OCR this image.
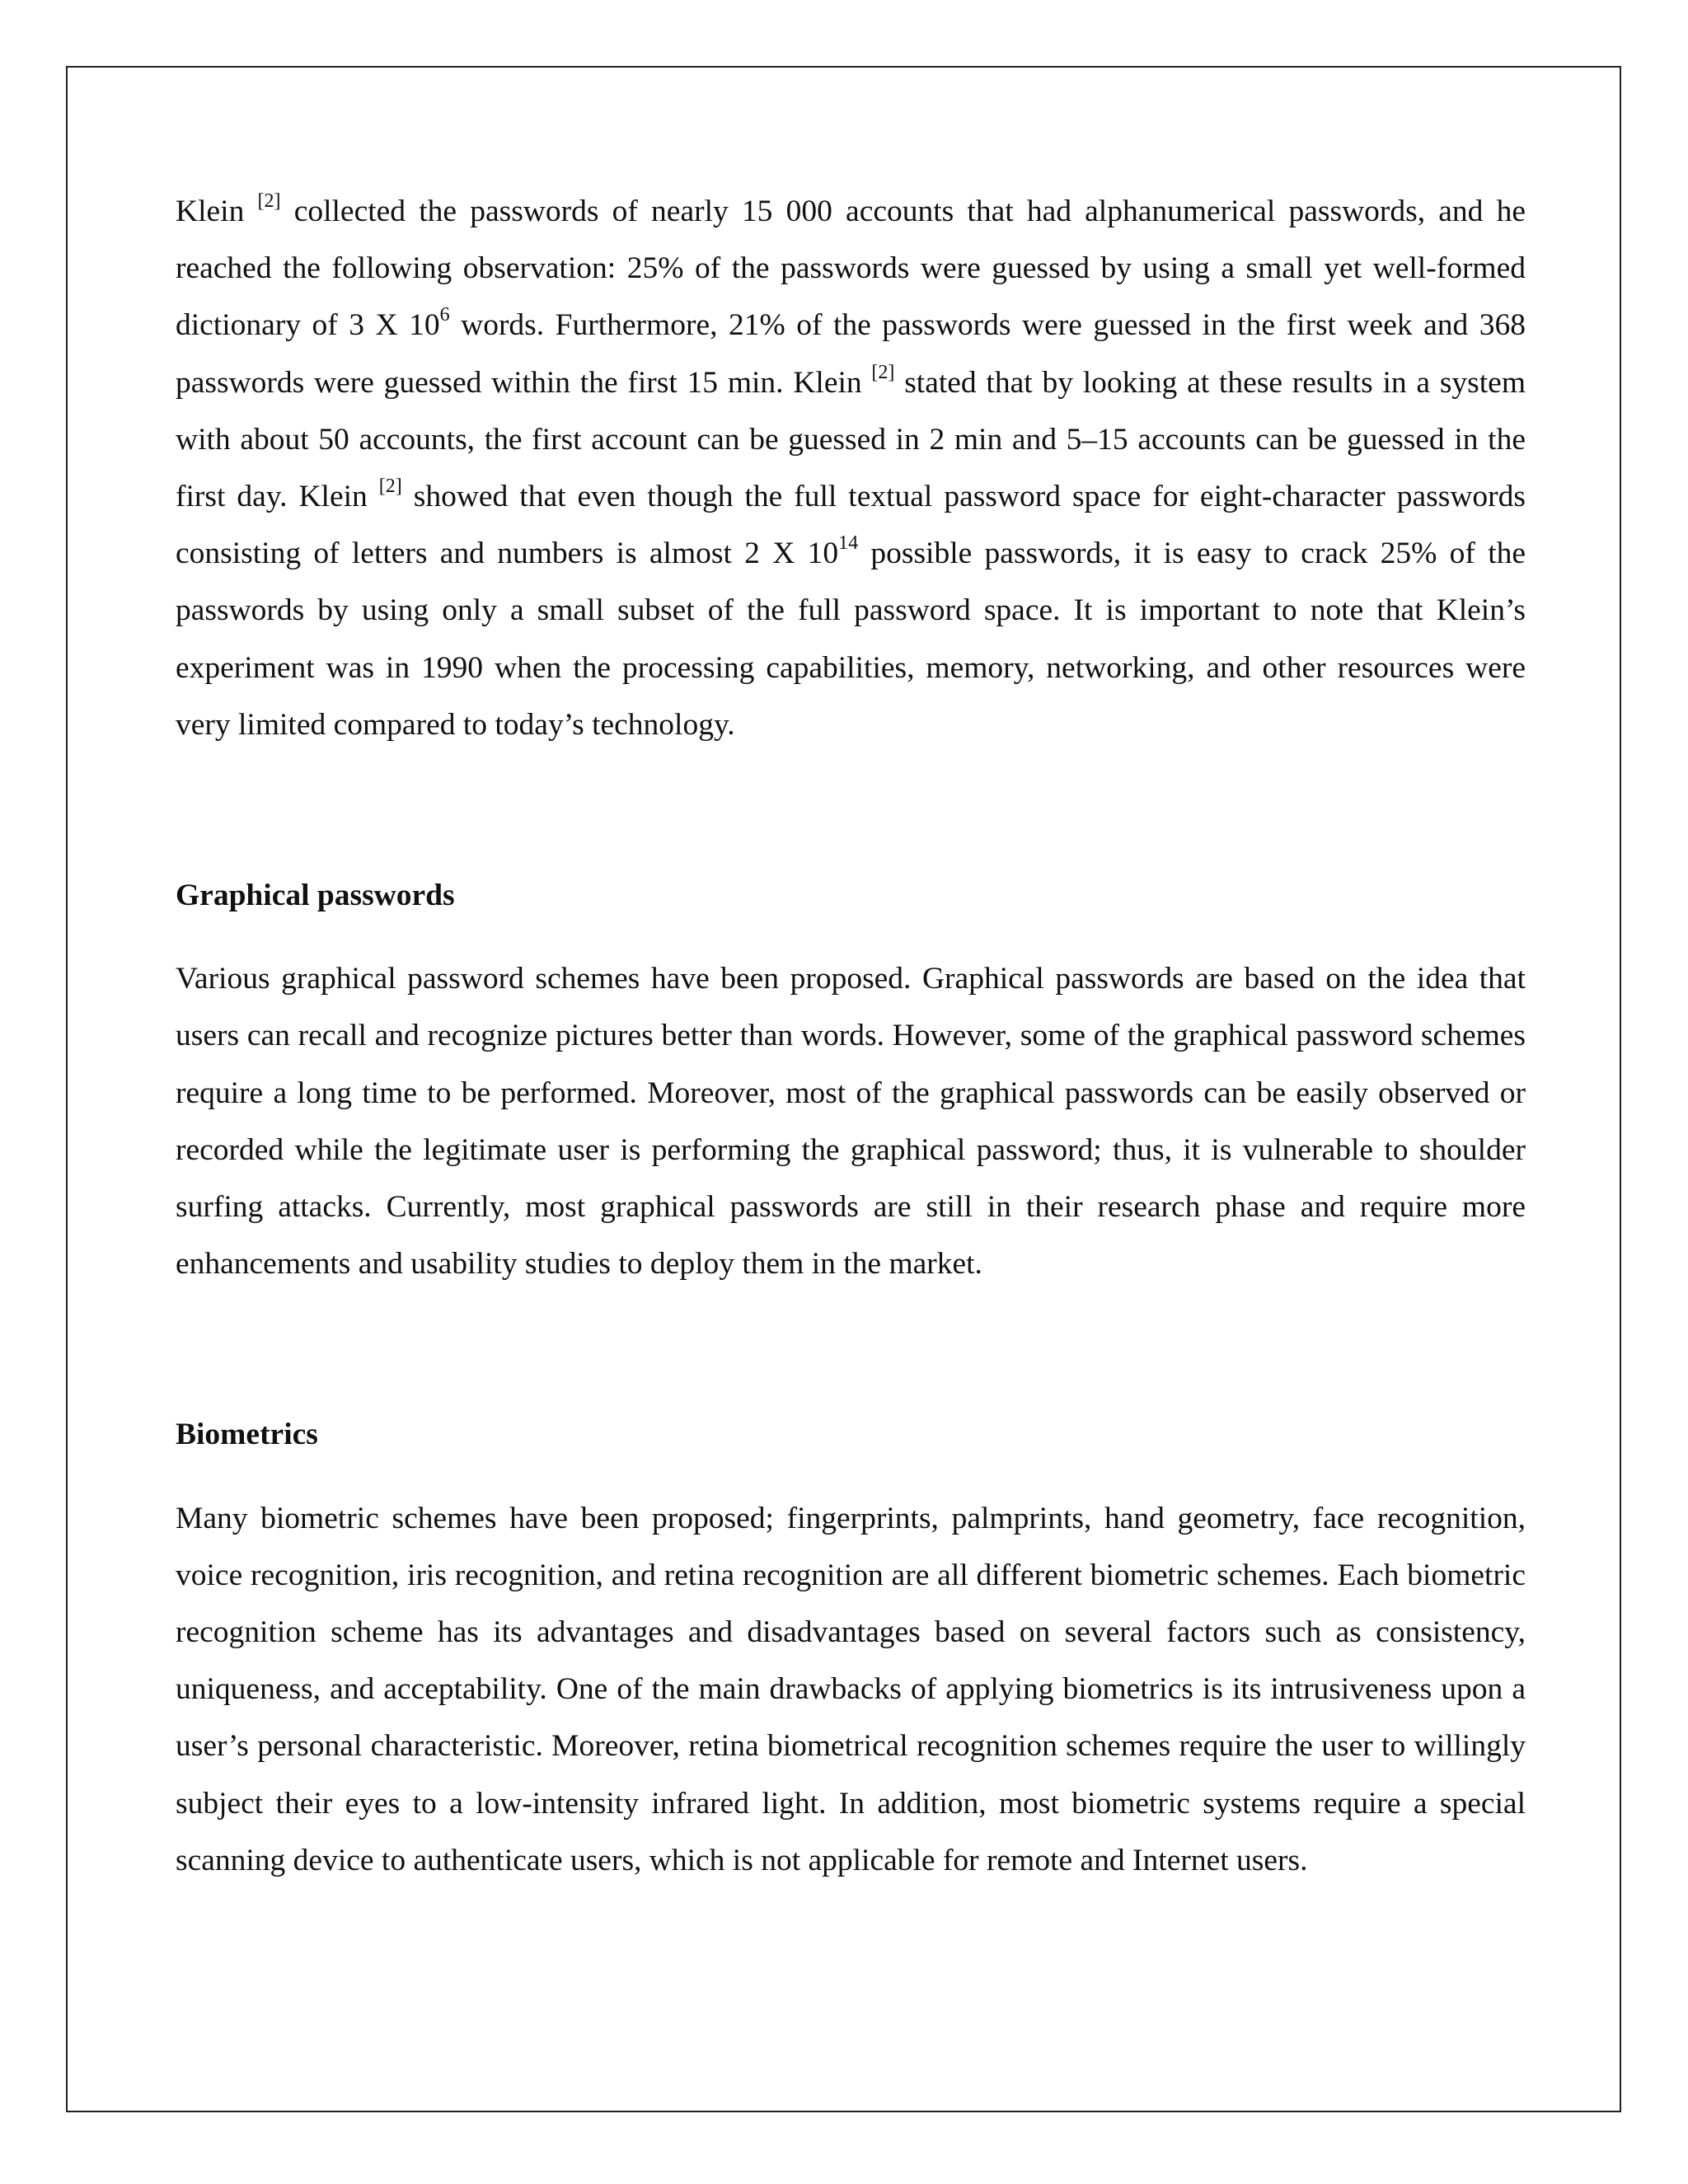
Klein [2] collected the passwords of nearly 15 000 accounts that had alphanumerical passwords, and he reached the following observation: 25% of the passwords were guessed by using a small yet well-formed dictionary of 3 X $10^6$ words. Furthermore, 21% of the passwords were guessed in the first week and 368 passwords were guessed within the first 15 min. Klein [2] stated that by looking at these results in a system with about 50 accounts, the first account can be guessed in 2 min and 5–15 accounts can be guessed in the first day. Klein [2] showed that even though the full textual password space for eight-character passwords consisting of letters and numbers is almost 2 X $10^{14}$ possible passwords, it is easy to crack 25% of the passwords by using only a small subset of the full password space. It is important to note that Klein’s experiment was in 1990 when the processing capabilities, memory, networking, and other resources were very limited compared to today’s technology.

Graphical passwords

Various graphical password schemes have been proposed. Graphical passwords are based on the idea that users can recall and recognize pictures better than words. However, some of the graphical password schemes require a long time to be performed. Moreover, most of the graphical passwords can be easily observed or recorded while the legitimate user is performing the graphical password; thus, it is vulnerable to shoulder surfing attacks. Currently, most graphical passwords are still in their research phase and require more enhancements and usability studies to deploy them in the market.

Biometrics

Many biometric schemes have been proposed; fingerprints, palmprints, hand geometry, face recognition, voice recognition, iris recognition, and retina recognition are all different biometric schemes. Each biometric recognition scheme has its advantages and disadvantages based on several factors such as consistency, uniqueness, and acceptability. One of the main drawbacks of applying biometrics is its intrusiveness upon a user’s personal characteristic. Moreover, retina biometrical recognition schemes require the user to willingly subject their eyes to a low-intensity infrared light. In addition, most biometric systems require a special scanning device to authenticate users, which is not applicable for remote and Internet users.
